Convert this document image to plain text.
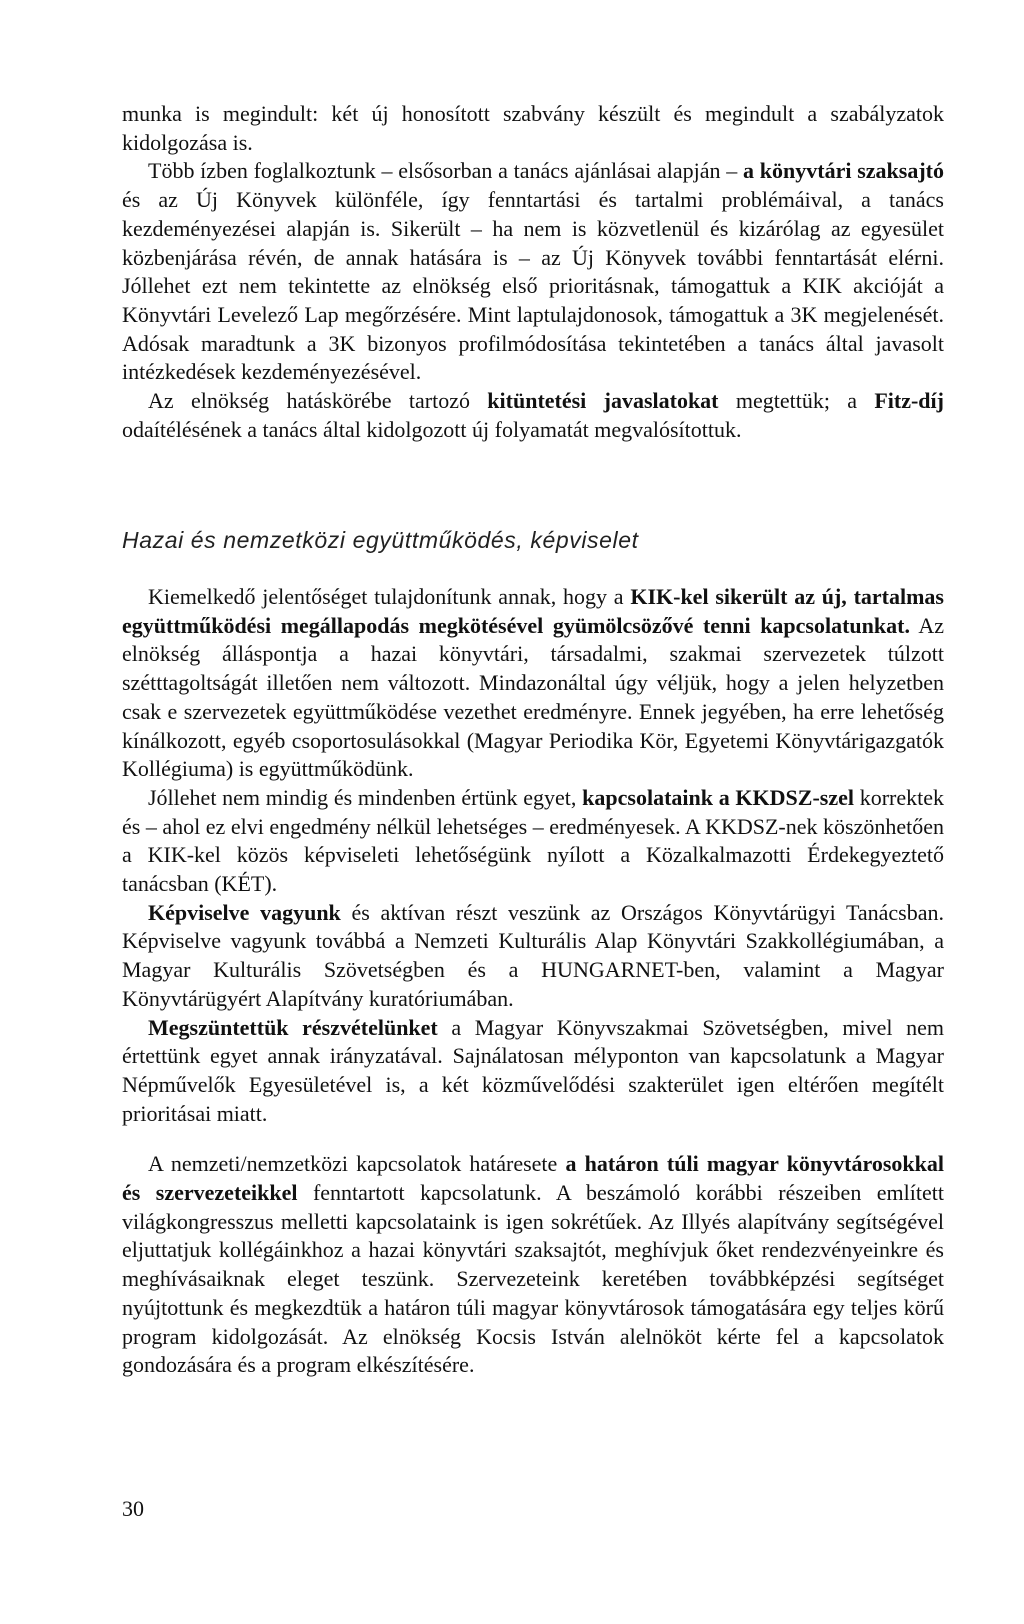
munka is megindult: két új honosított szabvány készült és megindult a szabályzatok kidolgozása is.

Több ízben foglalkoztunk – elsősorban a tanács ajánlásai alapján – a könyvtári szaksajtó és az Új Könyvek különféle, így fenntartási és tartalmi problémáival, a tanács kezdeményezései alapján is. Sikerült – ha nem is közvetlenül és kizárólag az egyesület közbenjárása révén, de annak hatására is – az Új Könyvek további fenntartását elérni. Jóllehet ezt nem tekintette az elnökség első prioritásnak, támogattuk a KIK akcióját a Könyvtári Levelező Lap megőrzésére. Mint laptulajdonosok, támogattuk a 3K megjelenését. Adósak maradtunk a 3K bizonyos profilmódosítása tekintetében a tanács által javasolt intézkedések kezdeményezésével.

Az elnökség hatáskörébe tartozó kitüntetési javaslatokat megtettük; a Fitz-díj odaítélésének a tanács által kidolgozott új folyamatát megvalósítottuk.

Hazai és nemzetközi együttműködés, képviselet

Kiemelkedő jelentőséget tulajdonítunk annak, hogy a KIK-kel sikerült az új, tartalmas együttműködési megállapodás megkötésével gyümölcsözővé tenni kapcsolatunkat. Az elnökség álláspontja a hazai könyvtári, társadalmi, szakmai szervezetek túlzott szétttagoltságát illetően nem változott. Mindazonáltal úgy véljük, hogy a jelen helyzetben csak e szervezetek együttműködése vezethet eredményre. Ennek jegyében, ha erre lehetőség kínálkozott, egyéb csoportosulásokkal (Magyar Periodika Kör, Egyetemi Könyvtárigazgatók Kollégiuma) is együttműködünk.

Jóllehet nem mindig és mindenben értünk egyet, kapcsolataink a KKDSZ-szel korrektek és – ahol ez elvi engedmény nélkül lehetséges – eredményesek. A KKDSZ-nek köszönhetően a KIK-kel közös képviseleti lehetőségünk nyílott a Közalkalmazotti Érdekegyeztető tanácsban (KÉT).

Képviselve vagyunk és aktívan részt veszünk az Országos Könyvtárügyi Tanácsban. Képviselve vagyunk továbbá a Nemzeti Kulturális Alap Könyvtári Szakkollégiumában, a Magyar Kulturális Szövetségben és a HUNGARNET-ben, valamint a Magyar Könyvtárügyért Alapítvány kuratóriumában.

Megszüntettük részvételünket a Magyar Könyvszakmai Szövetségben, mivel nem értettünk egyet annak irányzatával. Sajnálatosan mélyponton van kapcsolatunk a Magyar Népművelők Egyesületével is, a két közművelődési szakterület igen eltérően megítélt prioritásai miatt.

A nemzeti/nemzetközi kapcsolatok határesete a határon túli magyar könyvtárosokkal és szervezeteikkel fenntartott kapcsolatunk. A beszámoló korábbi részeiben említett világkongresszus melletti kapcsolataink is igen sokrétűek. Az Illyés alapítvány segítségével eljuttatjuk kollégáinkhoz a hazai könyvtári szaksajtót, meghívjuk őket rendezvényeinkre és meghívásaiknak eleget teszünk. Szervezeteink keretében továbbképzési segítséget nyújtottunk és megkezdtük a határon túli magyar könyvtárosok támogatására egy teljes körű program kidolgozását. Az elnökség Kocsis István alelnököt kérte fel a kapcsolatok gondozására és a program elkészítésére.

30
